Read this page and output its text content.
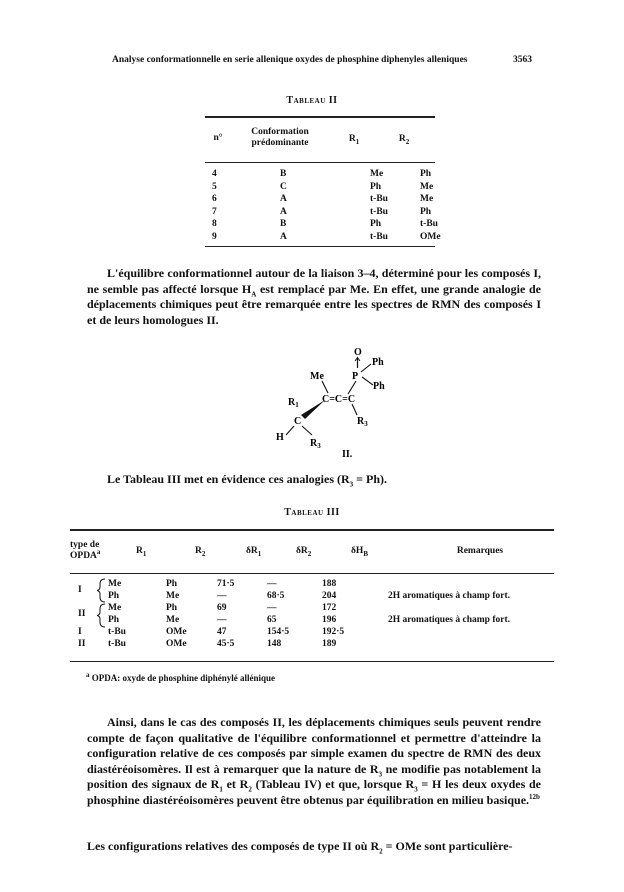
Analyse conformationnelle en serie allenique oxydes de phosphine diphenyles alleniques	3563
Tableau II
n°
Conformation
prédominante	$R_1$	$R_2$
4	B	Me	Ph
5	C	Ph	Me
6	A	t-Bu	Me
7	A	t-Bu	Ph
8	B	Ph	t-Bu
9	A	t-Bu	OMe

L'équilibre conformationnel autour de la liaison 3–4, déterminé pour les composés I, ne semble pas affecté lorsque $H_A$ est remplacé par Me. En effet, une grande analogie de déplacements chimiques peut être remarquée entre les spectres de RMN des composés I et de leurs homologues II.

O
Ph
P
Ph
Me
C=C=C
$R_3$
$R_1$
C
H
$R_3$
II.

Le Tableau III met en évidence ces analogies $(R_3 = Ph)$.

Tableau III
type de
OPDA$^a$	$R_1$	$R_2$	$\delta R_1$	$\delta R_2$	$\delta H_B$	Remarques
I	Me	Ph	71·5	—	188	
	Ph	Me	—	68·5	204	2H aromatiques à champ fort.
II	Me	Ph	69	—	172	
	Ph	Me	—	65	196	2H aromatiques à champ fort.
I	t-Bu	OMe	47	154·5	192·5	
II	t-Bu	OMe	45·5	148	189	
$^a$ OPDA: oxyde de phosphine diphénylé allénique

Ainsi, dans le cas des composés II, les déplacements chimiques seuls peuvent rendre compte de façon qualitative de l'équilibre conformationnel et permettre d'atteindre la configuration relative de ces composés par simple examen du spectre de RMN des deux diastéréoisomères. Il est à remarquer que la nature de $R_3$ ne modifie pas notablement la position des signaux de $R_1$ et $R_2$ (Tableau IV) et que, lorsque $R_3 = H$ les deux oxydes de phosphine diastéréoisomères peuvent être obtenus par équilibration en milieu basique.$^{12b}$

Les configurations relatives des composés de type II où $R_2$ = OMe sont particulière-
